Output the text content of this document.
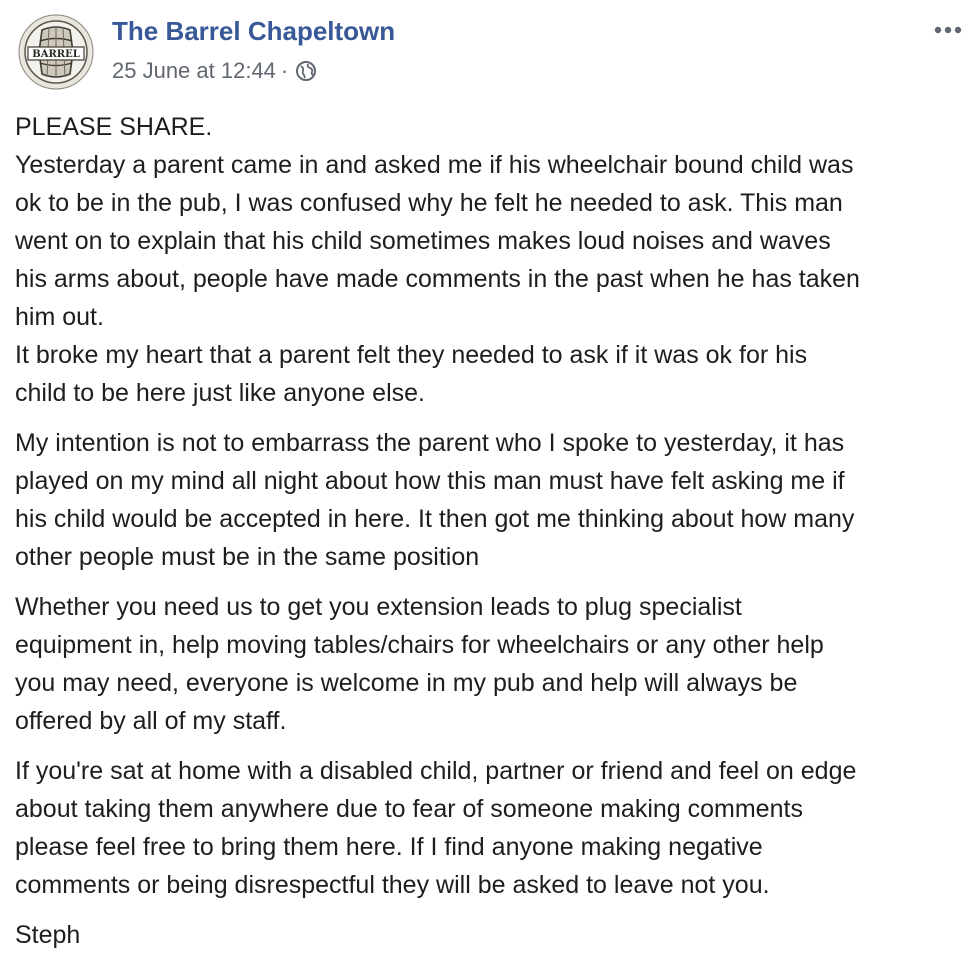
BARREL
The Barrel Chapeltown
25 June at 12:44 ·

PLEASE SHARE.
Yesterday a parent came in and asked me if his wheelchair bound child was
ok to be in the pub, I was confused why he felt he needed to ask. This man
went on to explain that his child sometimes makes loud noises and waves
his arms about, people have made comments in the past when he has taken
him out.
It broke my heart that a parent felt they needed to ask if it was ok for his
child to be here just like anyone else.

My intention is not to embarrass the parent who I spoke to yesterday, it has
played on my mind all night about how this man must have felt asking me if
his child would be accepted in here. It then got me thinking about how many
other people must be in the same position

Whether you need us to get you extension leads to plug specialist
equipment in, help moving tables/chairs for wheelchairs or any other help
you may need, everyone is welcome in my pub and help will always be
offered by all of my staff.

If you're sat at home with a disabled child, partner or friend and feel on edge
about taking them anywhere due to fear of someone making comments
please feel free to bring them here. If I find anyone making negative
comments or being disrespectful they will be asked to leave not you.

Steph
